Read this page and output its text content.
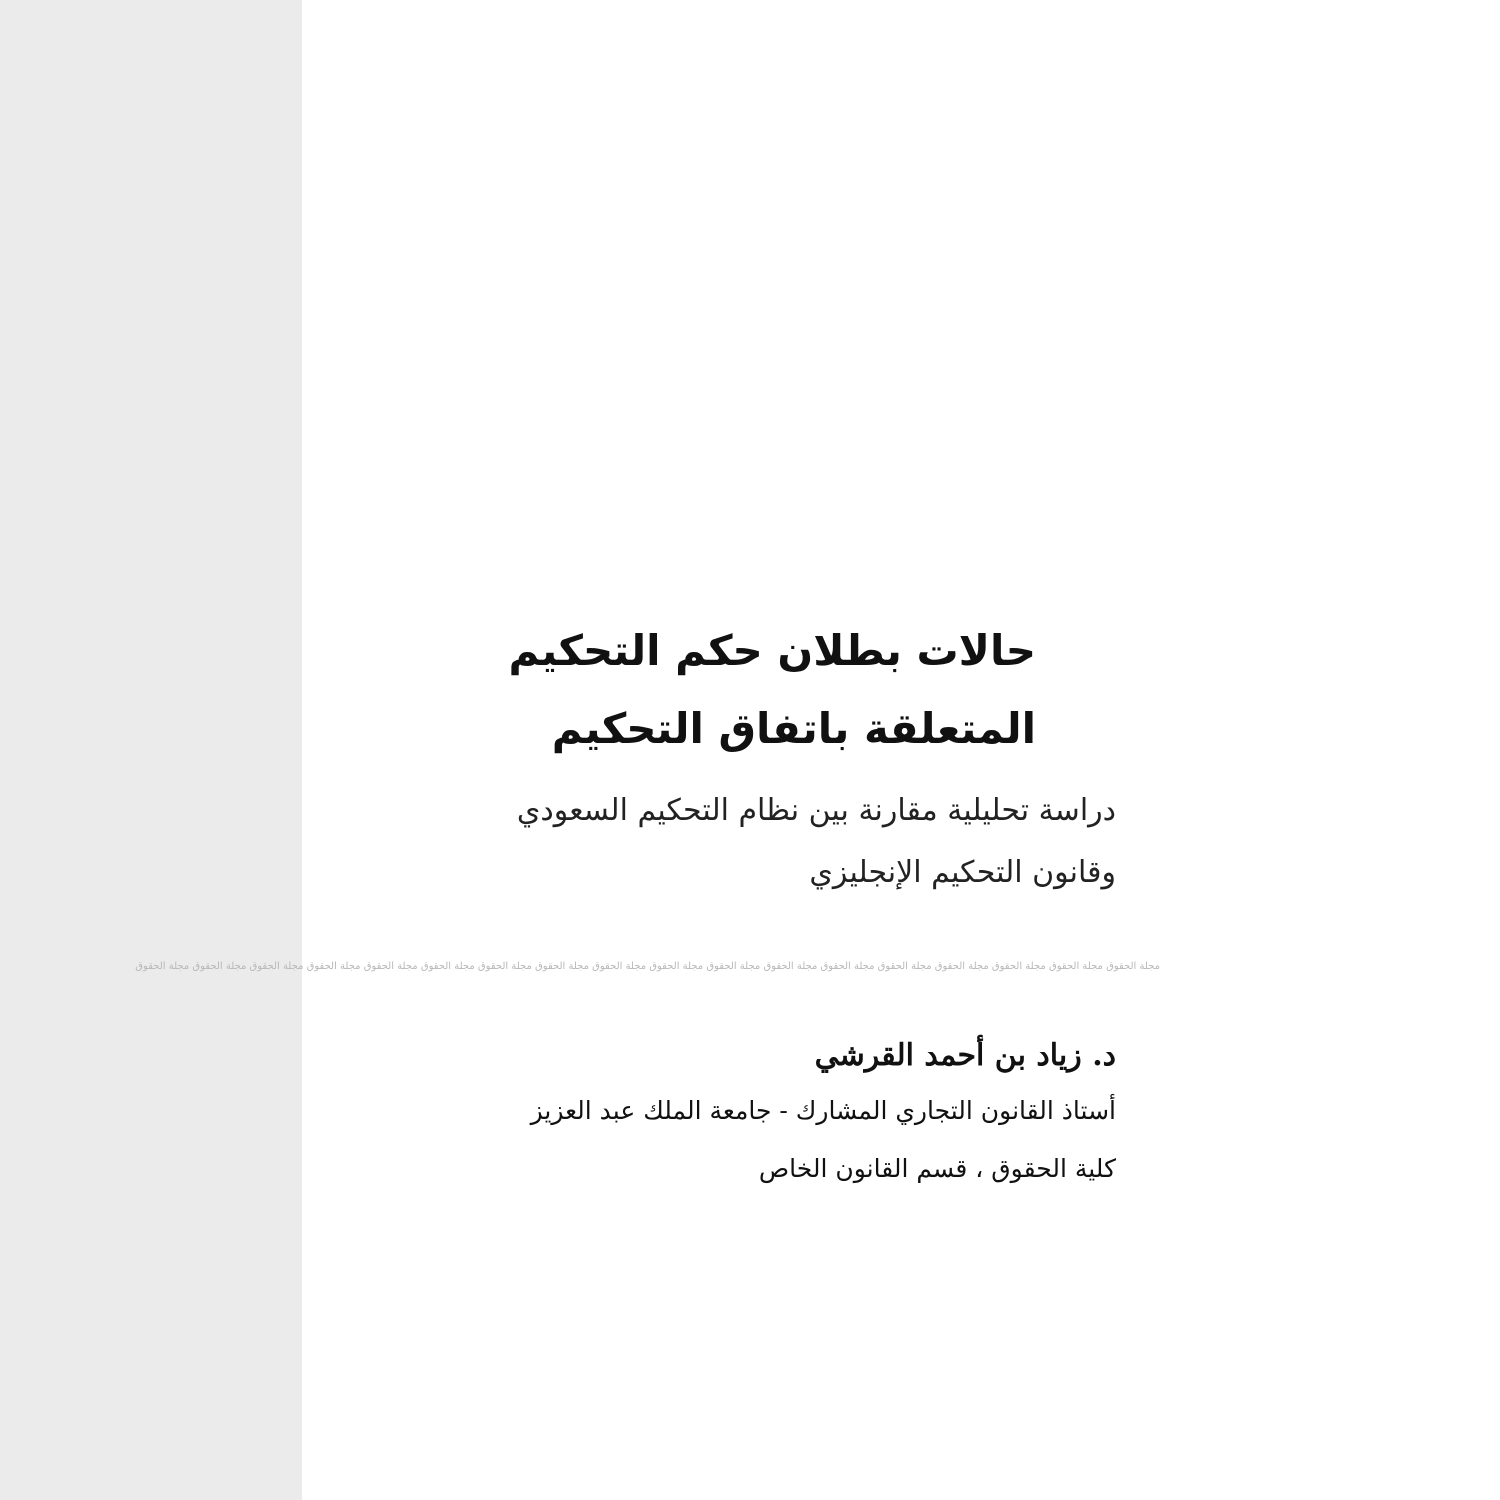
حالات بطلان حكم التحكيم
المتعلقة باتفاق التحكيم
دراسة تحليلية مقارنة بين نظام التحكيم السعودي
وقانون التحكيم الإنجليزي
مجلة الحقوق مجلة الحقوق مجلة الحقوق مجلة الحقوق مجلة الحقوق مجلة الحقوق مجلة الحقوق مجلة الحقوق مجلة الحقوق مجلة الحقوق مجلة الحقوق مجلة الحقوق مجلة الحقوق مجلة الحقوق مجلة الحقوق مجلة الحقوق مجلة الحقوق مجلة الحقوق
د. زياد بن أحمد القرشي
أستاذ القانون التجاري المشارك - جامعة الملك عبد العزيز
كلية الحقوق ، قسم القانون الخاص
